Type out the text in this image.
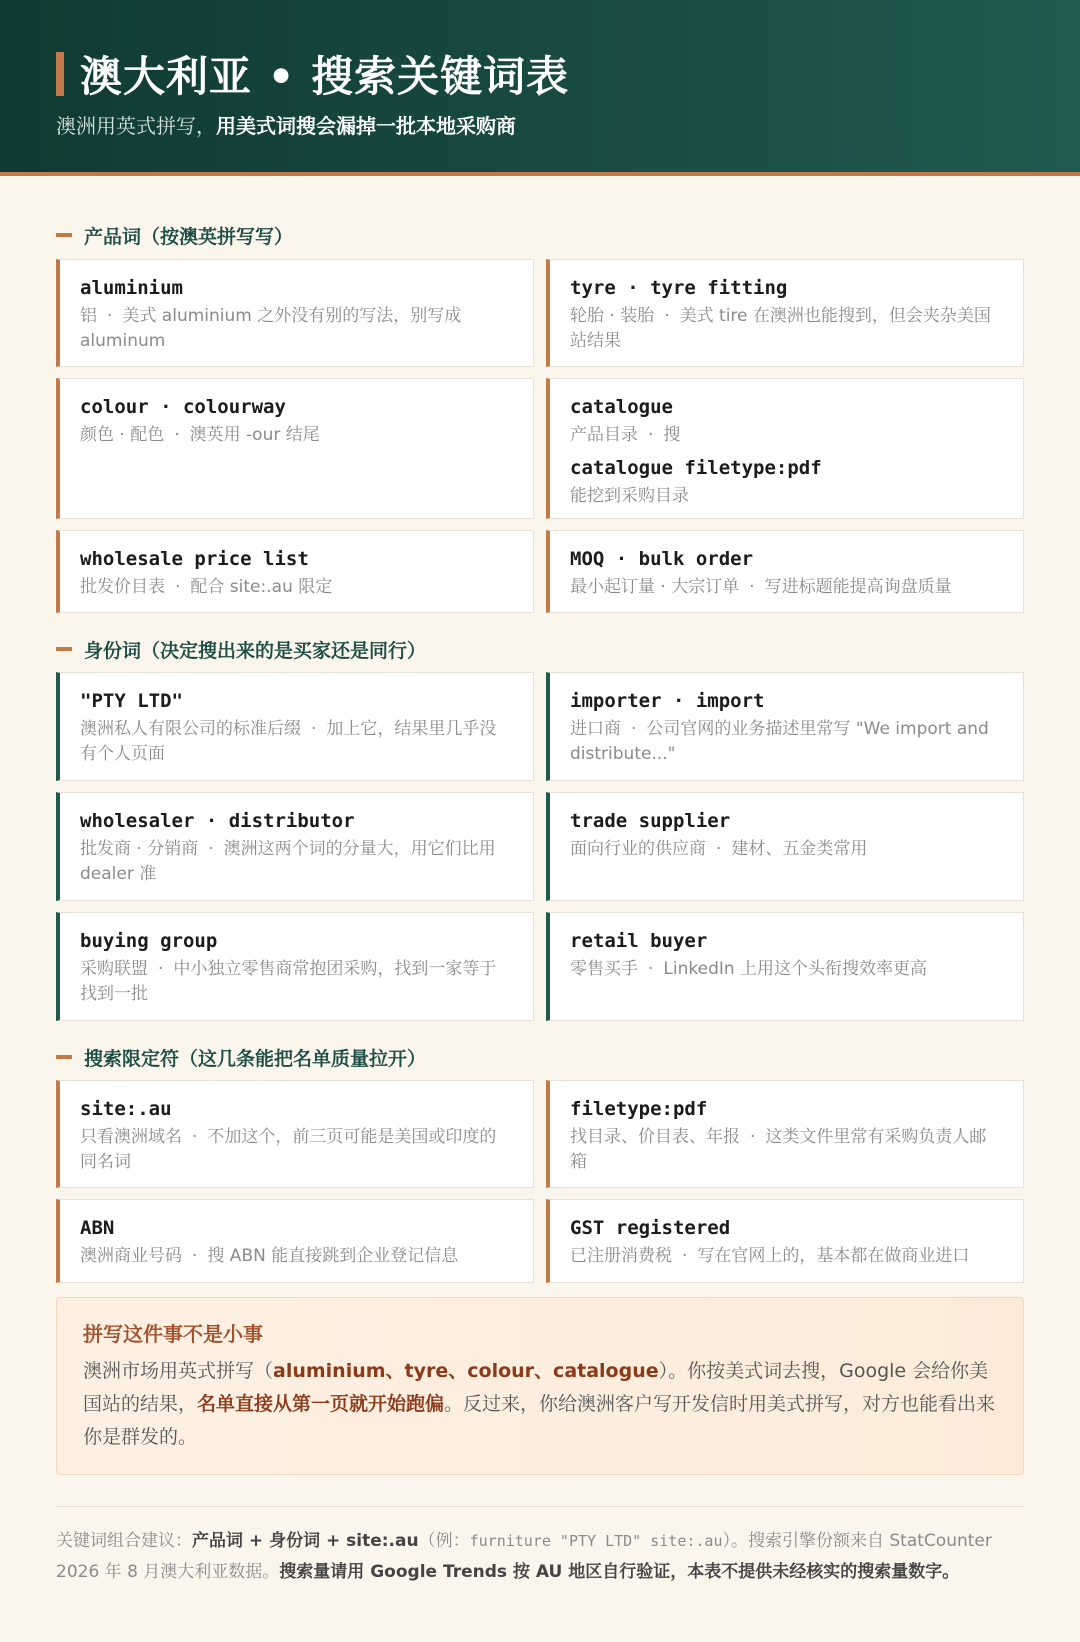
澳大利亚 • 搜索关键词表
澳洲用英式拼写，用美式词搜会漏掉一批本地采购商
产品词（按澳英拼写写）
aluminium
铝 · 美式 aluminium 之外没有别的写法，别写成 aluminum
tyre · tyre fitting
轮胎 · 装胎 · 美式 tire 在澳洲也能搜到，但会夹杂美国站结果
colour · colourway
颜色 · 配色 · 澳英用 -our 结尾
catalogue
产品目录 · 搜
catalogue filetype:pdf
能挖到采购目录
wholesale price list
批发价目表 · 配合 site:.au 限定
MOQ · bulk order
最小起订量 · 大宗订单 · 写进标题能提高询盘质量
身份词（决定搜出来的是买家还是同行）
"PTY LTD"
澳洲私人有限公司的标准后缀 · 加上它，结果里几乎没有个人页面
importer · import
进口商 · 公司官网的业务描述里常写 "We import and distribute..."
wholesaler · distributor
批发商 · 分销商 · 澳洲这两个词的分量大，用它们比用 dealer 准
trade supplier
面向行业的供应商 · 建材、五金类常用
buying group
采购联盟 · 中小独立零售商常抱团采购，找到一家等于找到一批
retail buyer
零售买手 · LinkedIn 上用这个头衔搜效率更高
搜索限定符（这几条能把名单质量拉开）
site:.au
只看澳洲域名 · 不加这个，前三页可能是美国或印度的同名词
filetype:pdf
找目录、价目表、年报 · 这类文件里常有采购负责人邮箱
ABN
澳洲商业号码 · 搜 ABN 能直接跳到企业登记信息
GST registered
已注册消费税 · 写在官网上的，基本都在做商业进口
拼写这件事不是小事
澳洲市场用英式拼写（aluminium、tyre、colour、catalogue）。你按美式词去搜，Google 会给你美国站的结果，名单直接从第一页就开始跑偏。反过来，你给澳洲客户写开发信时用美式拼写，对方也能看出来你是群发的。
关键词组合建议：产品词 + 身份词 + site:.au（例：furniture "PTY LTD" site:.au）。搜索引擎份额来自 StatCounter 2026 年 8 月澳大利亚数据。搜索量请用 Google Trends 按 AU 地区自行验证，本表不提供未经核实的搜索量数字。
